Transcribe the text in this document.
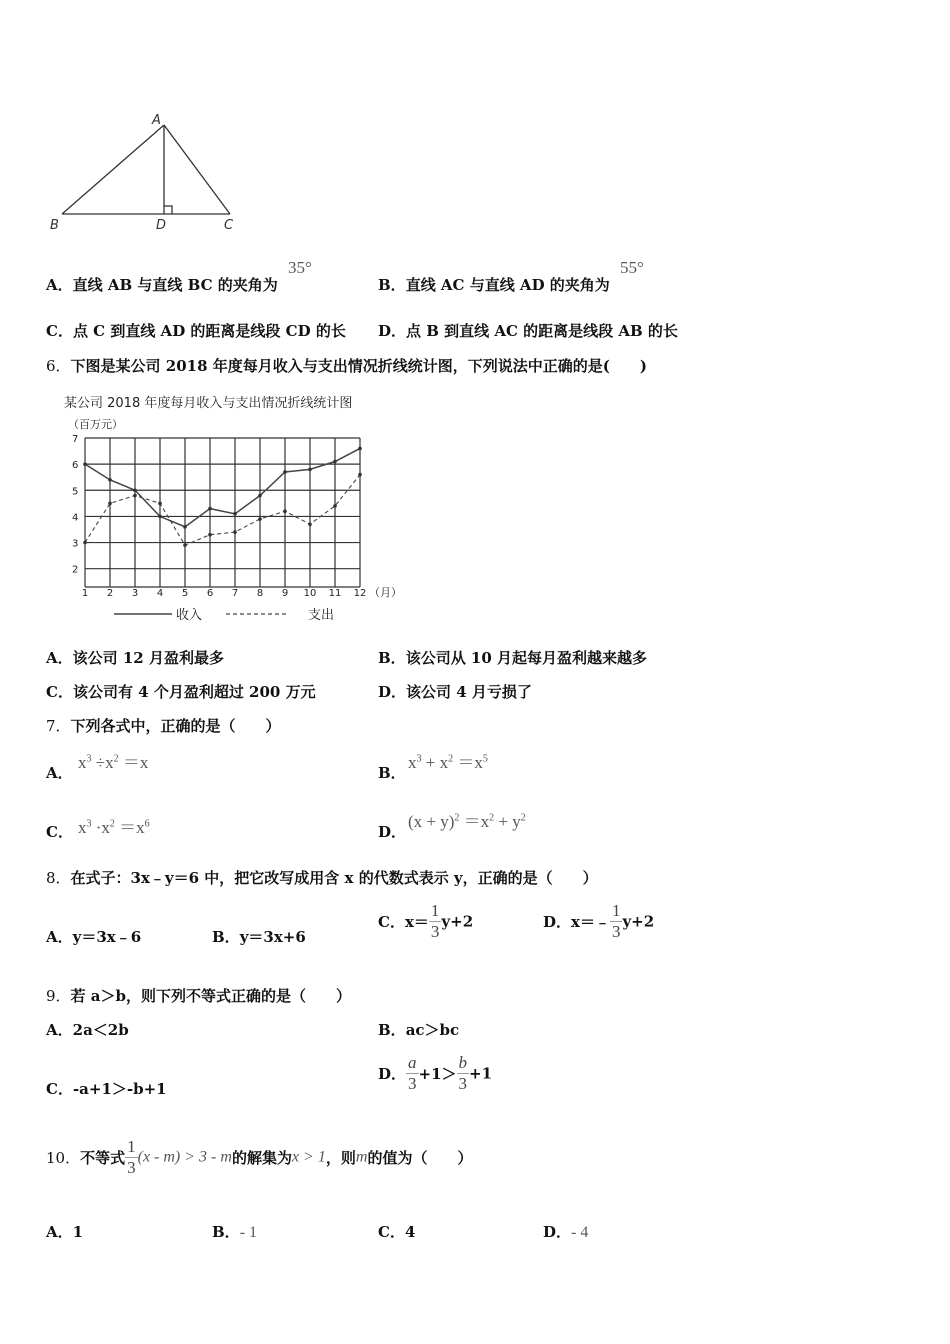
A
B	D	C
A．直线 AB 与直线 BC 的夹角为
35°
B．直线 AC 与直线 AD 的夹角为
55°
C．点 C 到直线 AD 的距离是线段 CD 的长 D．点 B 到直线 AC 的距离是线段 AB 的长
6．下图是某公司 2018 年度每月收入与支出情况折线统计图，下列说法中正确的是(　　)
某公司 2018 年度每月收入与支出情况折线统计图
（百万元）
（月）
2
3
4
5
6
7
1 2 3 4 5 6 7 8 9 10 11 12
收入	支出
A．该公司 12 月盈利最多	B．该公司从 10 月起每月盈利越来越多
C．该公司有 4 个月盈利超过 200 万元	D．该公司 4 月亏损了
7．下列各式中，正确的是（　　）
A．
$x^3 \div x^2 =x$
B．
$x^3 + x^2 =x^5$
C． $x^3 \cdot x^2 =x^6$	D．
$(x + y)^2 =x^2 + y^2$
8．在式子：3x﹣y＝6 中，把它改写成用含 x 的代数式表示 y，正确的是（　　）
A．y＝3x﹣6	B．y＝3x+6
C．$x= \frac{1}{3} y+2$	D．x＝﹣ $\frac{1}{3} y+2$
9．若 a＞b，则下列不等式正确的是（　　）
A．2a＜2b	B．ac＞bc
C．-a+1＞-b+1
D． $\frac{a}{3} +1> \frac{b}{3} +1$
10．不等式 $\frac{1}{3} (x - m) > 3 - m$的解集为x > 1，则m的值为（　　）
A．1	B．- 1	C．4	D．- 4
